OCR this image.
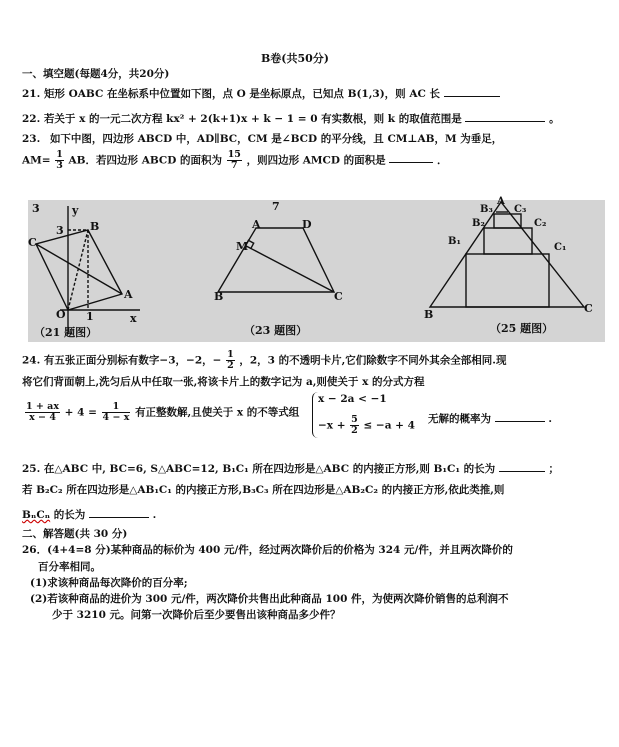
B卷(共50分)
一、填空题(每题4分，共20分)
21. 矩形 OABC 在坐标系中位置如下图，点 O 是坐标原点，已知点 B(1,3)，则 AC 长
22. 若关于 x 的一元二次方程 kx² + 2(k+1)x + k − 1 = 0 有实数根，则 k 的取值范围是	。
23. 如下中图，四边形 ABCD 中，AD∥BC，CM 是∠BCD 的平分线，且 CM⊥AB，M 为垂足，
$AM= \frac{1}{3}$ AB．若四边形 ABCD 的面积为 $\frac{15}{7}$ ，则四边形 AMCD 的面积是	．
3	y
C
B
A
O 1	x
3
（21 题图）
A	D
M
B	C
7
（23 题图）
A
B₃ C₃
B₂	C₂
B₁
C₁
B	C
（25 题图）
24. 有五张正面分别标有数字−3，−2，− $\frac{1}{2}$ ，2，3 的不透明卡片,它们除数字不同外其余全部相同.现
将它们背面朝上,洗匀后从中任取一张,将该卡片上的数字记为 a,则使关于 x 的分式方程
$\frac{1 + ax}{x - 4} + 4 = \frac{1}{4 - x}$ 有正整数解,且使关于 x 的不等式组
x − 2a < −1
$-x + \frac{5}{2} \le -a + 4$
无解的概率为	.
25. 在△ABC 中, BC=6, S△ABC=12, B₁C₁ 所在四边形是△ABC 的内接正方形,则 B₁C₁ 的长为	；
若 B₂C₂ 所在四边形是△AB₁C₁ 的内接正方形,B₃C₃ 所在四边形是△AB₂C₂ 的内接正方形,依此类推,则
BₙCₙ 的长为	.
二、解答题(共 30 分)
26．(4+4=8 分)某种商品的标价为 400 元/件，经过两次降价后的价格为 324 元/件，并且两次降价的
百分率相同。
(1)求该种商品每次降价的百分率;
(2)若该种商品的进价为 300 元/件，两次降价共售出此种商品 100 件，为使两次降价销售的总利润不
少于 3210 元。问第一次降价后至少要售出该种商品多少件？
